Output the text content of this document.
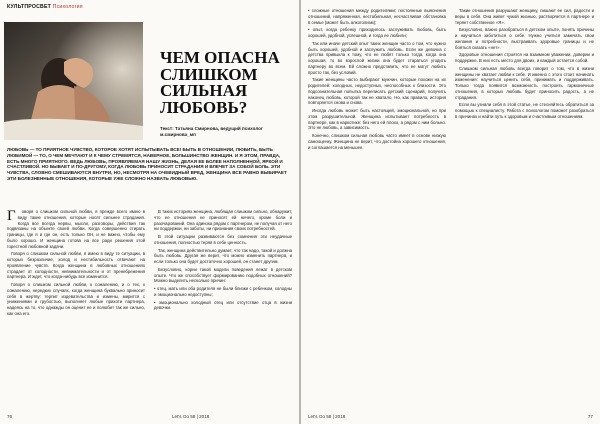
КУЛЬТПРОСВЕТ Психология
ЧЕМ ОПАСНА
СЛИШКОМ
СИЛЬНАЯ
ЛЮБОВЬ?
Текст: Татьяна Смирнова, ведущий психолог м.смирнова_мп
ЛЮБОВЬ — ТО ПРИЯТНОЕ ЧУВСТВО, КОТОРОЕ ХОТЯТ ИСПЫТЫВАТЬ ВСЕ! БЫТЬ В ОТНОШЕНИИ, ЛЮБИТЬ, БЫТЬ ЛЮБИМОЙ — ТО, О ЧЕМ МЕЧТАЮТ И К ЧЕМУ СТРЕМЯТСЯ, НАВЕРНОЕ, БОЛЬШИНСТВО ЖЕНЩИН. И Я ЭТОМ, ПРАВДА, ЕСТЬ МНОГО ПРИЯТНОГО. ВЕДЬ ЛЮБОВЬ, ПРОЯВЛЯЕМАЯ НАШУ ЖИЗНЬ, ДЕЛАЯ ЕЕ БОЛЕЕ НАПОЛНЕННОЙ, ЯРКОЙ И СЧАСТЛИВОЙ. НО БЫВАЕТ И ПО-ДРУГОМУ, КОГДА ЛЮБОВЬ ПРИНОСИТ СТРАДАНИЯ И ВЛЕЧЕТ ЗА СОБОЙ БОЛЬ. ЭТИ ЧУВСТВА, СЛОВНО СМЕШИВАЮТСЯ ВНУТРИ, НО, НЕСМОТРЯ НА ОЧЕВИДНЫЙ ВРЕД, ЖЕНЩИНА ВСЕ РАВНО ВЫБИРАЕТ ЭТИ БОЛЕЗНЕННЫЕ ОТНОШЕНИЯ, КОТОРЫЕ УЖЕ СЛОЖНО НАЗВАТЬ ЛЮБОВЬЮ.
Г	оворя о слишком сильной любви, я прежде всего имею в виду такие отношения, которые носят сильнее страдания. Когда все всегда нервы, мысли, разговоры, действия так подвязаны на объекте своей любви. Когда совершенно стирать границы, где я и где он, есть только ОН, и не важно, чтобы ему было хорошо. И женщина готова на все ради решения этой горестной любовной задачи.

Говоря о слишком сильной любви, я имею в виду те ситуации, в которых безразличие, холод и нестабильность отвечают на проявление чувств. Когда женщина в любовных отношениях страдает от холодности, невнимательности и от пренебрежения партнера. И ждет, что когда-нибудь все изменится.

Говоря о слишком сильной любви, к сожалению, и о тех, к сожалению, нередких случаях, когда женщина буквально приносит себя в жертву: терпит издевательства и измены, мирится с унижениями и грубостью, выполняет любые прихоти партнера, надеясь на то, что однажды он оценит ее и полюбит так же сильно, как она его.

В таких историях женщина, любящая слишком сильно, обнаружит, что ее отношения не приносят ей ничего, кроме боли и разочарований. Она одинока рядом с партнером, не получая от него ни поддержки, ни заботы, ни признания своих потребностей.

В этой ситуации развиваются без сомнения эти неудачные отношения, полностью теряя в себе ценность.

Так, женщина действительно думает, что так надо, такой и должна быть любовь. Другая же верит, что можно изменить партнера, и если только она будет достаточно хорошей, он станет другим.

Безусловно, корни такой модели поведения лежат в детском опыте. Что же способствует формированию подобных отношений? Можно выделить несколько причин:

• отец, мать или оба родителя не были близки с ребенком, холодны и эмоционально недоступны;

• эмоционально холодный отец или отсутствие отца в жизни девочки.

76	Let's Go 58 | 2018

• сложные отношения между родителями; постоянные выяснения отношений, напряженная, нестабильная, несчастливая обстановка в семье (может быть алкоголизм);

• опыт, когда ребенку приходилось заслуживать любовь, быть хорошей, удобной, успешной, и тогда ее любили;

Так или иначе детский опыт таких женщин часто о том, что нужно быть хорошей, удобной и заслужить любовь. Если же девочка с детства привыкла к тому, что ее любят только тогда, когда она хорошая, то во взрослой жизни она будет стараться угодить партнеру во всем. Ей сложно представить, что ее могут любить просто так, без условий.

Такие женщины часто выбирают мужчин, которые похожи на их родителей: холодных, недоступных, неспособных к близости. Это подсознательная попытка переписать детский сценарий, получить наконец любовь, которой так не хватало. Но, как правило, история повторяется снова и снова.

Иногда любовь может быть настоящей, эмоциональной, но при этом разрушительной. Женщина испытывает потребность в партнере, как в наркотике: без него ей плохо, а рядом с ним больно. Это не любовь, а зависимость.

Конечно, слишком сильная любовь часто имеет в основе низкую самооценку. Женщина не верит, что достойна хорошего отношения, и соглашается на меньшее.

Такие отношения разрушают женщину, лишают ее сил, радости и веры в себя. Она живет чужой жизнью, растворяется в партнере и теряет собственное «Я».

Безусловно, важно разобраться в детском опыте, понять причины и научиться заботиться о себе. Нужно учиться замечать свои желания и потребности, выстраивать здоровые границы и не бояться сказать «нет».

Здоровые отношения строятся на взаимном уважении, доверии и поддержке. В них есть место для двоих, и каждый остается собой.

Слишком сильная любовь всегда говорит о том, что в жизни женщины не хватает любви к себе. И именно с этого стоит начинать изменения: научиться ценить себя, принимать и поддерживать. Только тогда появится возможность построить гармоничные отношения, в которых любовь будет приносить радость, а не страдания.

Если вы узнали себя в этой статье, не стесняйтесь обратиться за помощью к специалисту. Работа с психологом поможет разобраться в причинах и найти путь к здоровым и счастливым отношениям.

Let's Go 58 | 2018	77
